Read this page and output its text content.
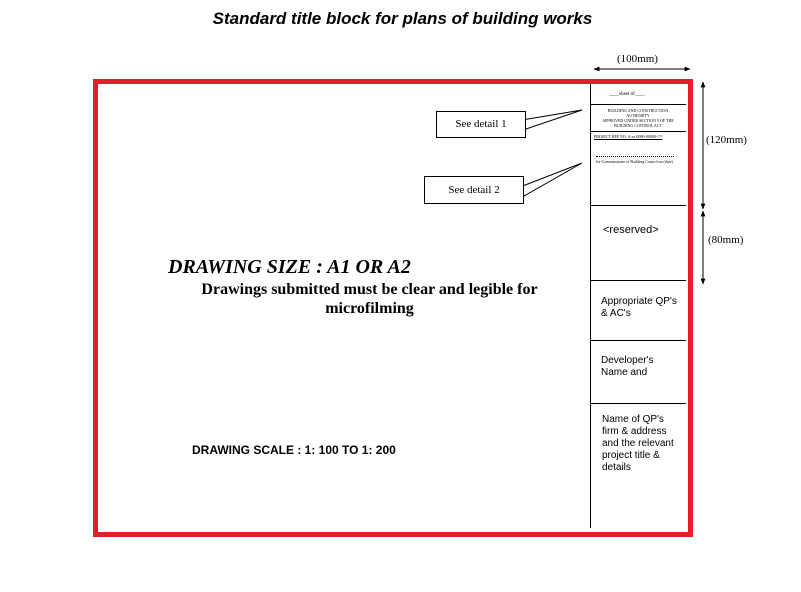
Standard title block for plans of building works
____sheet of____
BUILDING AND CONSTRUCTION
AUTHORITY
APPROVED UNDER SECTION 5 OF THE
BUILDING CONTROL ACT
PROJECT REF NO. A xx 0000-00000-???
for Commissioner of Building Control on (date)
<reserved>
Appropriate QP's & AC's
Developer's Name and
Name of QP's firm & address and the relevant project title & details
(100mm)
(120mm)
(80mm)
See detail 1
See detail 2
DRAWING SIZE : A1 OR A2
Drawings submitted must be clear and legible for microfilming
DRAWING SCALE : 1: 100 TO 1: 200
